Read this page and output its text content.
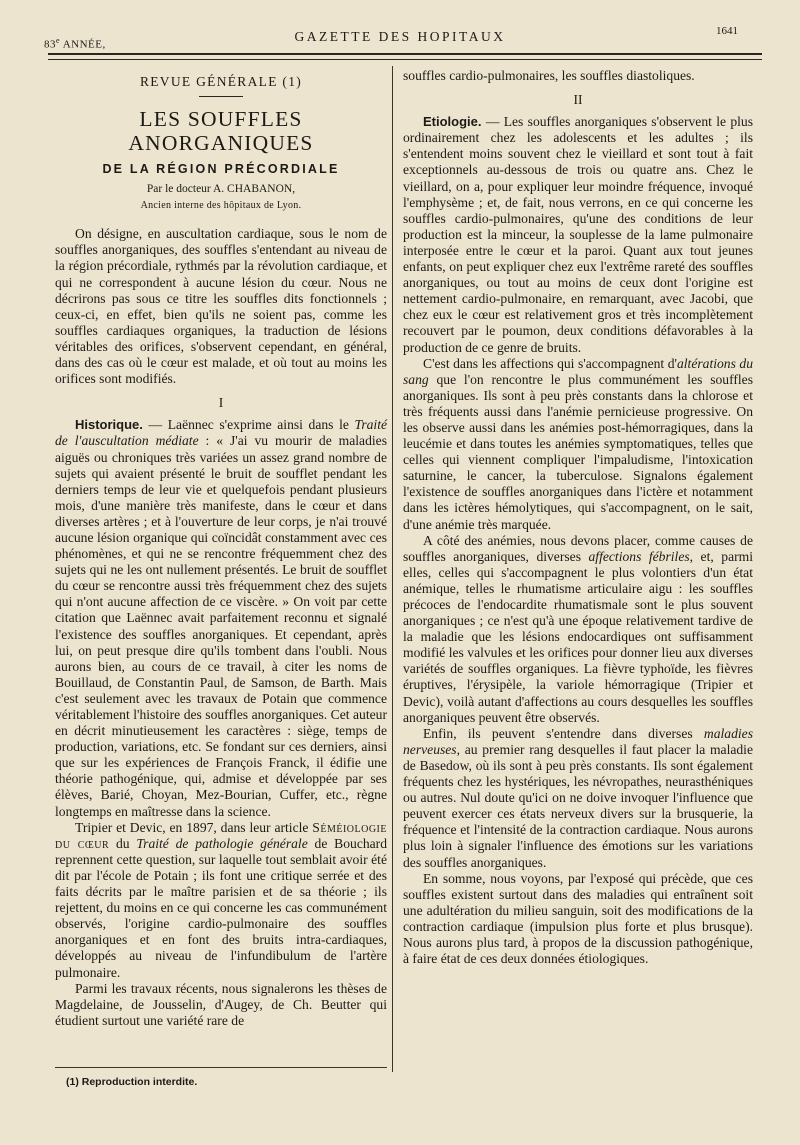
83e ANNÉE,
GAZETTE DES HOPITAUX	1641
REVUE GÉNÉRALE (1)
LES SOUFFLES ANORGANIQUES
DE LA RÉGION PRÉCORDIALE
Par le docteur A. CHABANON,
Ancien interne des hôpitaux de Lyon.

On désigne, en auscultation cardiaque, sous le nom de souffles anorganiques, des souffles s'entendant au niveau de la région précordiale, rythmés par la révolution cardiaque, et qui ne correspondent à aucune lésion du cœur. Nous ne décrirons pas sous ce titre les souffles dits fonctionnels ; ceux-ci, en effet, bien qu'ils ne soient pas, comme les souffles cardiaques organiques, la traduction de lésions véritables des orifices, s'observent cependant, en général, dans des cas où le cœur est malade, et où tout au moins les orifices sont modifiés.

I

Historique. — Laënnec s'exprime ainsi dans le Traité de l'auscultation médiate : « J'ai vu mourir de maladies aiguës ou chroniques très variées un assez grand nombre de sujets qui avaient présenté le bruit de soufflet pendant les derniers temps de leur vie et quelquefois pendant plusieurs mois, d'une manière très manifeste, dans le cœur et dans diverses artères ; et à l'ouverture de leur corps, je n'ai trouvé aucune lésion organique qui coïncidât constamment avec ces phénomènes, et qui ne se rencontre fréquemment chez des sujets qui ne les ont nullement présentés. Le bruit de soufflet du cœur se rencontre aussi très fréquemment chez des sujets qui n'ont aucune affection de ce viscère. » On voit par cette citation que Laënnec avait parfaitement reconnu et signalé l'existence des souffles anorganiques. Et cependant, après lui, on peut presque dire qu'ils tombent dans l'oubli. Nous aurons bien, au cours de ce travail, à citer les noms de Bouillaud, de Constantin Paul, de Samson, de Barth. Mais c'est seulement avec les travaux de Potain que commence véritablement l'histoire des souffles anorganiques. Cet auteur en décrit minutieusement les caractères : siège, temps de production, variations, etc. Se fondant sur ces derniers, ainsi que sur les expériences de François Franck, il édifie une théorie pathogénique, qui, admise et développée par ses élèves, Barié, Choyan, Mez-Bourian, Cuffer, etc., règne longtemps en maîtresse dans la science.

Tripier et Devic, en 1897, dans leur article Séméiologie du cœur du Traité de pathologie générale de Bouchard reprennent cette question, sur laquelle tout semblait avoir été dit par l'école de Potain ; ils font une critique serrée et des faits décrits par le maître parisien et de sa théorie ; ils rejettent, du moins en ce qui concerne les cas communément observés, l'origine cardio-pulmonaire des souffles anorganiques et en font des bruits intra-cardiaques, développés au niveau de l'infundibulum de l'artère pulmonaire.

Parmi les travaux récents, nous signalerons les thèses de Magdelaine, de Jousselin, d'Augey, de Ch. Beutter qui étudient surtout une variété rare de

souffles cardio-pulmonaires, les souffles diastoliques.

II

Etiologie. — Les souffles anorganiques s'observent le plus ordinairement chez les adolescents et les adultes ; ils s'entendent moins souvent chez le vieillard et sont tout à fait exceptionnels au-dessous de trois ou quatre ans. Chez le vieillard, on a, pour expliquer leur moindre fréquence, invoqué l'emphysème ; et, de fait, nous verrons, en ce qui concerne les souffles cardio-pulmonaires, qu'une des conditions de leur production est la minceur, la souplesse de la lame pulmonaire interposée entre le cœur et la paroi. Quant aux tout jeunes enfants, on peut expliquer chez eux l'extrême rareté des souffles anorganiques, ou tout au moins de ceux dont l'origine est nettement cardio-pulmonaire, en remarquant, avec Jacobi, que chez eux le cœur est relativement gros et très incomplètement recouvert par le poumon, deux conditions défavorables à la production de ce genre de bruits.

C'est dans les affections qui s'accompagnent d'altérations du sang que l'on rencontre le plus communément les souffles anorganiques. Ils sont à peu près constants dans la chlorose et très fréquents aussi dans l'anémie pernicieuse progressive. On les observe aussi dans les anémies post-hémorragiques, dans la leucémie et dans toutes les anémies symptomatiques, telles que celles qui viennent compliquer l'impaludisme, l'intoxication saturnine, le cancer, la tuberculose. Signalons également l'existence de souffles anorganiques dans l'ictère et notamment dans les ictères hémolytiques, qui s'accompagnent, on le sait, d'une anémie très marquée.

A côté des anémies, nous devons placer, comme causes de souffles anorganiques, diverses affections fébriles, et, parmi elles, celles qui s'accompagnent le plus volontiers d'un état anémique, telles le rhumatisme articulaire aigu : les souffles précoces de l'endocardite rhumatismale sont le plus souvent anorganiques ; ce n'est qu'à une époque relativement tardive de la maladie que les lésions endocardiques ont suffisamment modifié les valvules et les orifices pour donner lieu aux diverses variétés de souffles organiques. La fièvre typhoïde, les fièvres éruptives, l'érysipèle, la variole hémorragique (Tripier et Devic), voilà autant d'affections au cours desquelles les souffles anorganiques peuvent être observés.

Enfin, ils peuvent s'entendre dans diverses maladies nerveuses, au premier rang desquelles il faut placer la maladie de Basedow, où ils sont à peu près constants. Ils sont également fréquents chez les hystériques, les névropathes, neurasthéniques ou autres. Nul doute qu'ici on ne doive invoquer l'influence que peuvent exercer ces états nerveux divers sur la brusquerie, la fréquence et l'intensité de la contraction cardiaque. Nous aurons plus loin à signaler l'influence des émotions sur les variations des souffles anorganiques.

En somme, nous voyons, par l'exposé qui précède, que ces souffles existent surtout dans des maladies qui entraînent soit une adultération du milieu sanguin, soit des modifications de la contraction cardiaque (impulsion plus forte et plus brusque). Nous aurons plus tard, à propos de la discussion pathogénique, à faire état de ces deux données étiologiques.

(1) Reproduction interdite.
